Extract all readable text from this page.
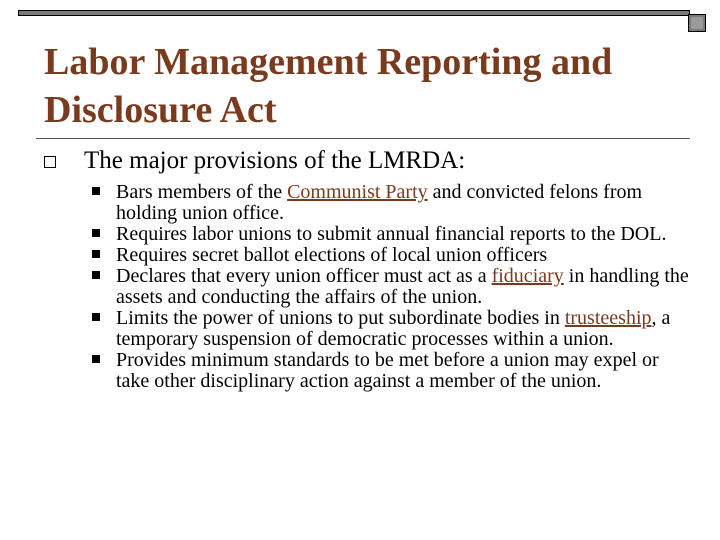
Labor Management Reporting and Disclosure Act
The major provisions of the LMRDA:
Bars members of the Communist Party and convicted felons from holding union office.
Requires labor unions to submit annual financial reports to the DOL.
Requires secret ballot elections of local union officers
Declares that every union officer must act as a fiduciary in handling the assets and conducting the affairs of the union.
Limits the power of unions to put subordinate bodies in trusteeship, a temporary suspension of democratic processes within a union.
Provides minimum standards to be met before a union may expel or take other disciplinary action against a member of the union.
